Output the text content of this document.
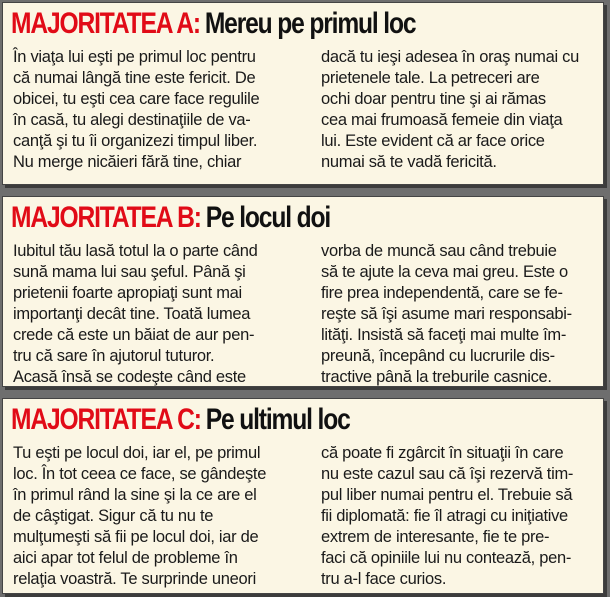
MAJORITATEA A: Mereu pe primul loc

În viaţa lui eşti pe primul loc pentru
că numai lângă tine este fericit. De
obicei, tu eşti cea care face regulile
în casă, tu alegi destinaţiile de va-
canţă şi tu îi organizezi timpul liber.
Nu merge nicăieri fără tine, chiar

dacă tu ieşi adesea în oraş numai cu
prietenele tale. La petreceri are
ochi doar pentru tine şi ai rămas
cea mai frumoasă femeie din viaţa
lui. Este evident că ar face orice
numai să te vadă fericită.

MAJORITATEA B: Pe locul doi

Iubitul tău lasă totul la o parte când
sună mama lui sau şeful. Până şi
prietenii foarte apropiaţi sunt mai
importanţi decât tine. Toată lumea
crede că este un băiat de aur pen-
tru că sare în ajutorul tuturor.
Acasă însă se codeşte când este

vorba de muncă sau când trebuie
să te ajute la ceva mai greu. Este o
fire prea independentă, care se fe-
reşte să îşi asume mari responsabi-
lităţi. Insistă să faceţi mai multe îm-
preună, începând cu lucrurile dis-
tractive până la treburile casnice.

MAJORITATEA C: Pe ultimul loc

Tu eşti pe locul doi, iar el, pe primul
loc. În tot ceea ce face, se gândeşte
în primul rând la sine şi la ce are el
de câştigat. Sigur că tu nu te
mulţumeşti să fii pe locul doi, iar de
aici apar tot felul de probleme în
relaţia voastră. Te surprinde uneori

că poate fi zgârcit în situaţii în care
nu este cazul sau că îşi rezervă tim-
pul liber numai pentru el. Trebuie să
fii diplomată: fie îl atragi cu iniţiative
extrem de interesante, fie te pre-
faci că opiniile lui nu contează, pen-
tru a-l face curios.
